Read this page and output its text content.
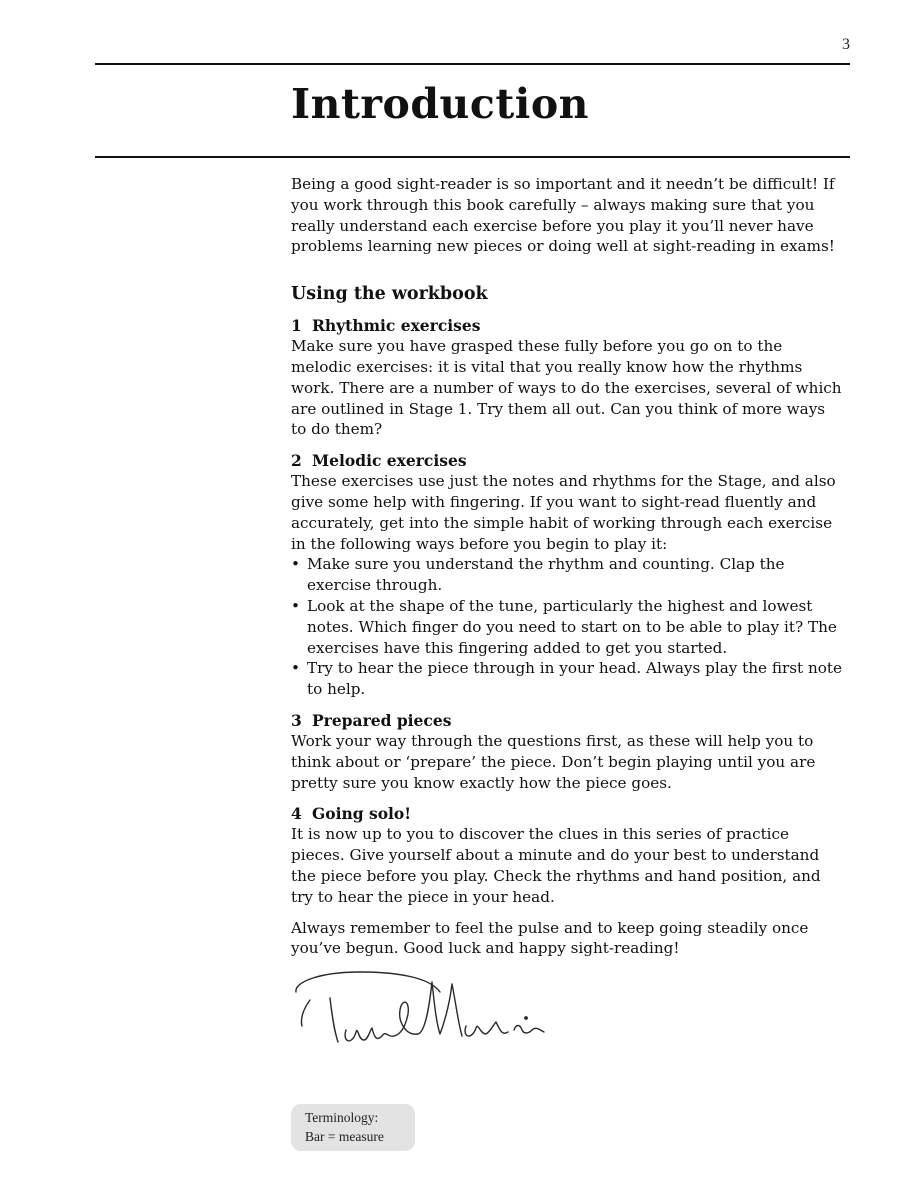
3
Introduction

Being a good sight-reader is so important and it needn’t be difficult! If you work through this book carefully – always making sure that you really understand each exercise before you play it you’ll never have problems learning new pieces or doing well at sight-reading in exams!

Using the workbook
1 Rhythmic exercises

Make sure you have grasped these fully before you go on to the melodic exercises: it is vital that you really know how the rhythms work. There are a number of ways to do the exercises, several of which are outlined in Stage 1. Try them all out. Can you think of more ways to do them?

2 Melodic exercises

These exercises use just the notes and rhythms for the Stage, and also give some help with fingering. If you want to sight-read fluently and accurately, get into the simple habit of working through each exercise in the following ways before you begin to play it:

• Make sure you understand the rhythm and counting. Clap the exercise through.
• Look at the shape of the tune, particularly the highest and lowest notes. Which finger do you need to start on to be able to play it? The exercises have this fingering added to get you started.
• Try to hear the piece through in your head. Always play the first note to help.
3 Prepared pieces

Work your way through the questions first, as these will help you to think about or ‘prepare’ the piece. Don’t begin playing until you are pretty sure you know exactly how the piece goes.

4 Going solo!

It is now up to you to discover the clues in this series of practice pieces. Give yourself about a minute and do your best to understand the piece before you play. Check the rhythms and hand position, and try to hear the piece in your head.

Always remember to feel the pulse and to keep going steadily once you’ve begun. Good luck and happy sight-reading!

Terminology:
Bar = measure
